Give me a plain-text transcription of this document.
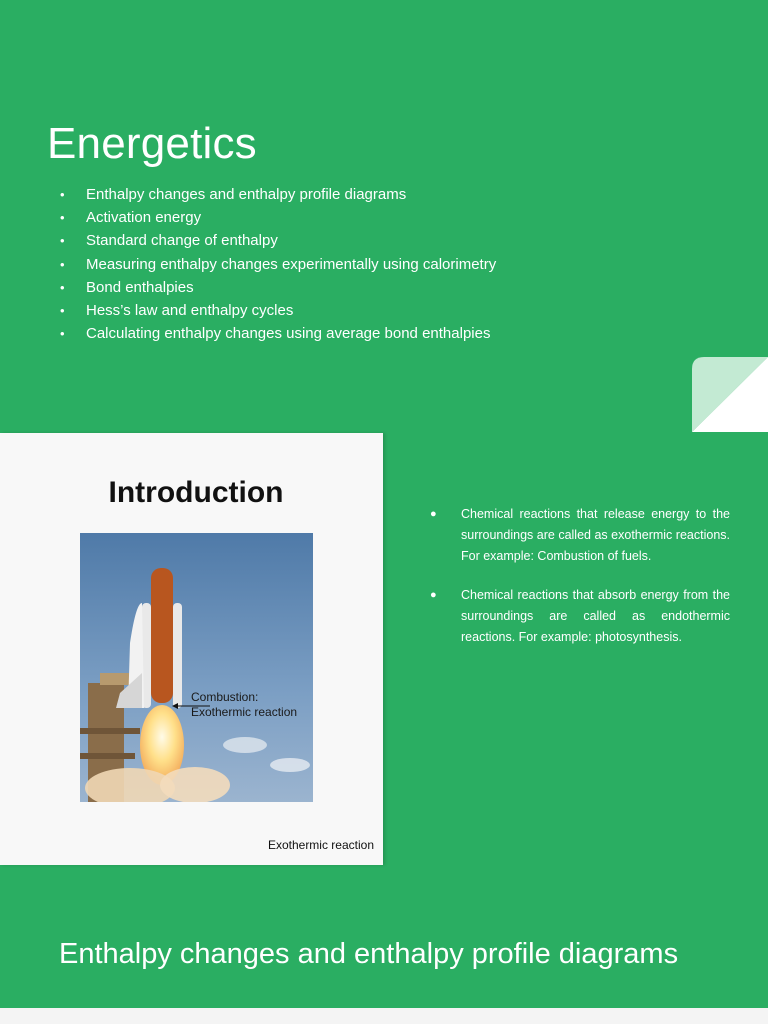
Energetics
• Enthalpy changes and enthalpy profile diagrams
• Activation energy
• Standard change of enthalpy
• Measuring enthalpy changes experimentally using calorimetry
• Bond enthalpies
• Hess’s law and enthalpy cycles
• Calculating enthalpy changes using average bond enthalpies
Introduction
Combustion:
Exothermic reaction
Exothermic reaction
● Chemical reactions that release energy to the surroundings are called as exothermic reactions. For example: Combustion of fuels.
● Chemical reactions that absorb energy from the surroundings are called as endothermic reactions. For example: photosynthesis.
Enthalpy changes and enthalpy profile diagrams
